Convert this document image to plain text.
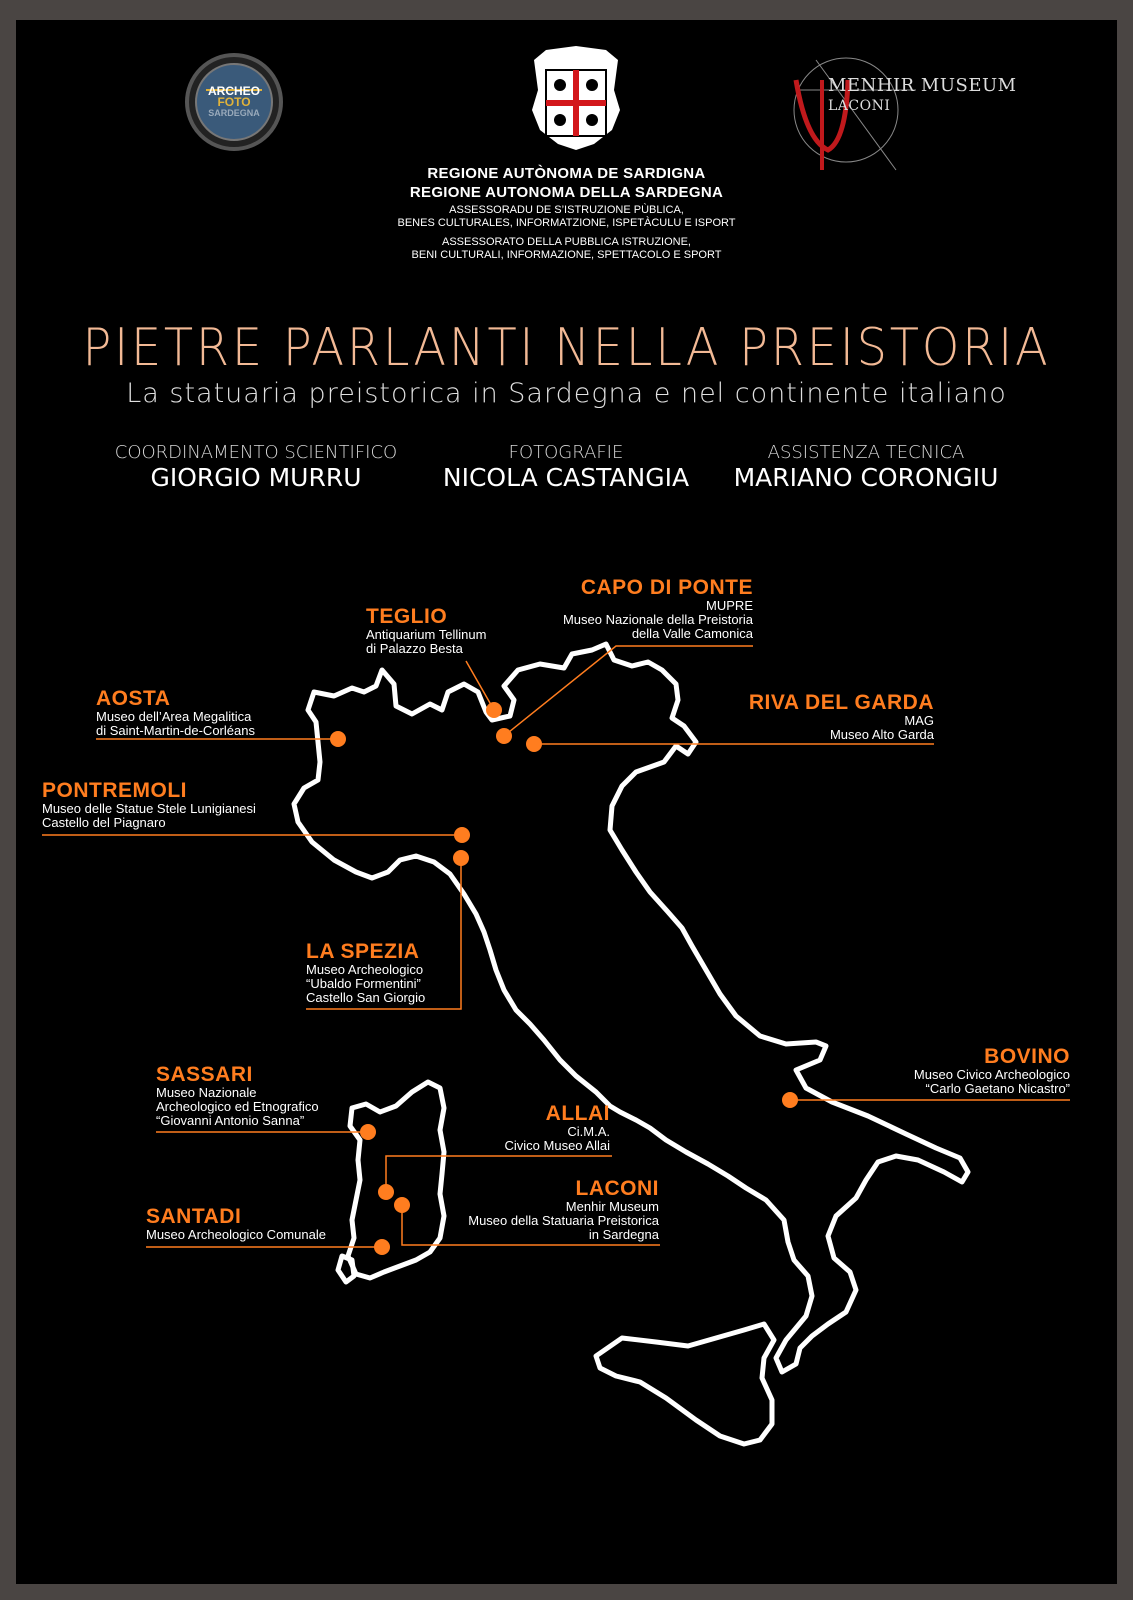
ARCHEO
FOTO
SARDEGNA
MENHIR MUSEUM
LACONI
REGIONE AUTÒNOMA DE SARDIGNA
REGIONE AUTONOMA DELLA SARDEGNA
ASSESSORADU DE S’ISTRUZIONE PÙBLICA,
BENES CULTURALES, INFORMATZIONE, ISPETÀCULU E ISPORT
ASSESSORATO DELLA PUBBLICA ISTRUZIONE,
BENI CULTURALI, INFORMAZIONE, SPETTACOLO E SPORT
PIETRE PARLANTI NELLA PREISTORIA
La statuaria preistorica in Sardegna e nel continente italiano
COORDINAMENTO SCIENTIFICO
GIORGIO MURRU
FOTOGRAFIE
NICOLA CASTANGIA
ASSISTENZA TECNICA
MARIANO CORONGIU
CAPO DI PONTE
MUPRE
Museo Nazionale della Preistoria
della Valle Camonica
TEGLIO
Antiquarium Tellinum
di Palazzo Besta
AOSTA
Museo dell’Area Megalitica
di Saint-Martin-de-Corléans
RIVA DEL GARDA
MAG
Museo Alto Garda
PONTREMOLI
Museo delle Statue Stele Lunigianesi
Castello del Piagnaro
LA SPEZIA
Museo Archeologico
“Ubaldo Formentini”
Castello San Giorgio
BOVINO
Museo Civico Archeologico
“Carlo Gaetano Nicastro”
SASSARI
Museo Nazionale
Archeologico ed Etnografico
“Giovanni Antonio Sanna”	ALLAI
Ci.M.A.
Civico Museo Allai
LACONI
Menhir Museum
Museo della Statuaria Preistorica
in Sardegna
SANTADI
Museo Archeologico Comunale
